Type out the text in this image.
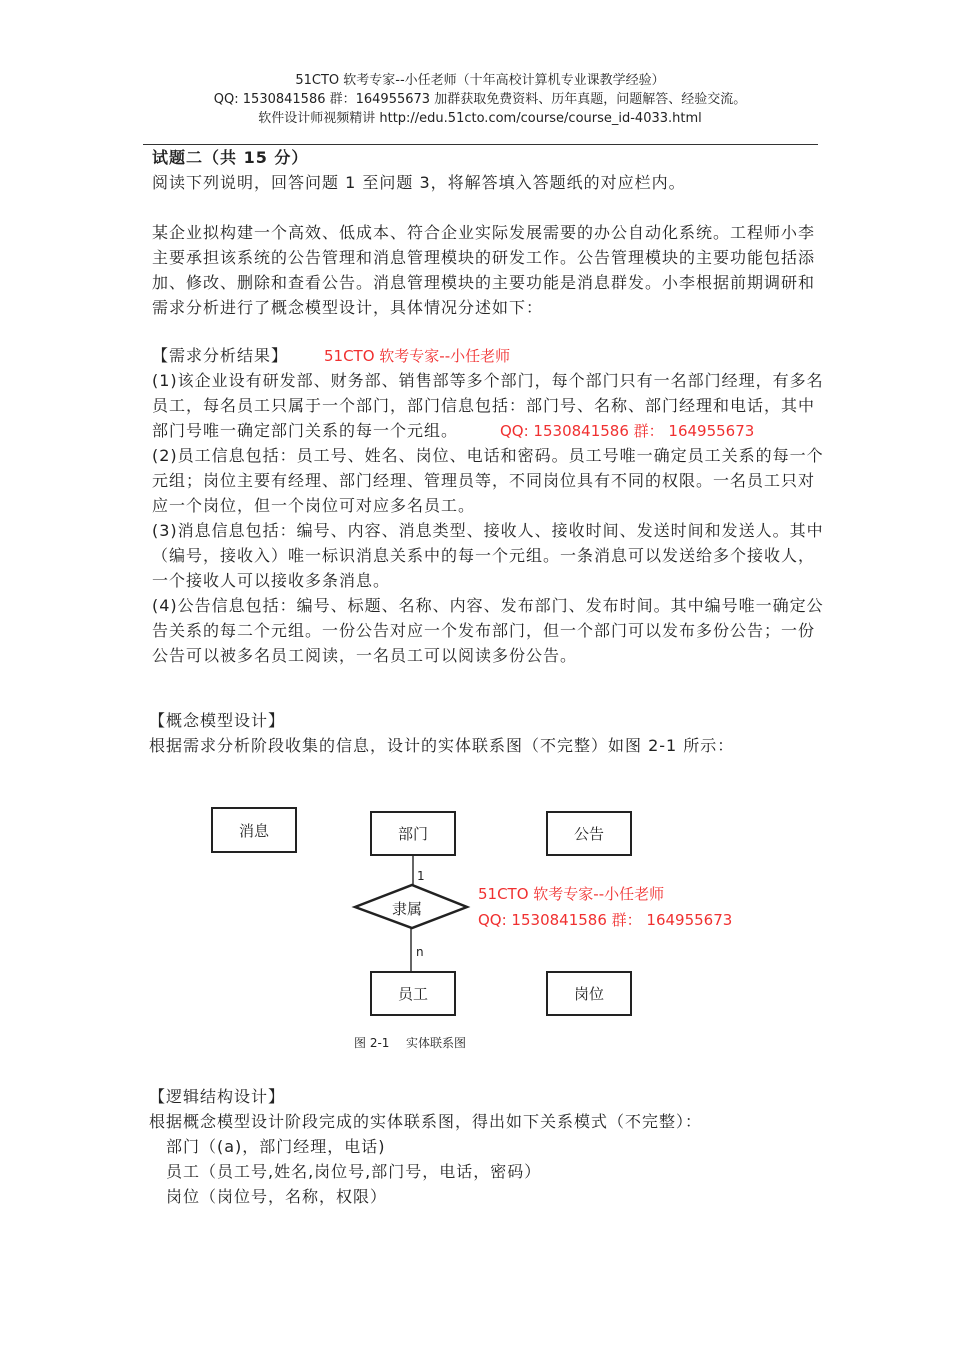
51CTO 软考专家--小任老师（十年高校计算机专业课教学经验）
QQ: 1530841586 群：164955673 加群获取免费资料、历年真题，问题解答、经验交流。
软件设计师视频精讲 http://edu.51cto.com/course/course_id-4033.html
试题二（共 15 分）
阅读下列说明，回答问题 1 至问题 3，将解答填入答题纸的对应栏内。
某企业拟构建一个高效、低成本、符合企业实际发展需要的办公自动化系统。工程师小李
主要承担该系统的公告管理和消息管理模块的研发工作。公告管理模块的主要功能包括添
加、修改、删除和查看公告。消息管理模块的主要功能是消息群发。小李根据前期调研和
需求分析进行了概念模型设计，具体情况分述如下：
【需求分析结果】
(1)该企业设有研发部、财务部、销售部等多个部门，每个部门只有一名部门经理，有多名
员工，每名员工只属于一个部门，部门信息包括：部门号、名称、部门经理和电话，其中
部门号唯一确定部门关系的每一个元组。
(2)员工信息包括：员工号、姓名、岗位、电话和密码。员工号唯一确定员工关系的每一个
元组；岗位主要有经理、部门经理、管理员等，不同岗位具有不同的权限。一名员工只对
应一个岗位，但一个岗位可对应多名员工。
(3)消息信息包括：编号、内容、消息类型、接收人、接收时间、发送时间和发送人。其中
（编号，接收入）唯一标识消息关系中的每一个元组。一条消息可以发送给多个接收人，
一个接收人可以接收多条消息。
(4)公告信息包括：编号、标题、名称、内容、发布部门、发布时间。其中编号唯一确定公
告关系的每二个元组。一份公告对应一个发布部门，但一个部门可以发布多份公告；一份
公告可以被多名员工阅读，一名员工可以阅读多份公告。
51CTO 软考专家--小任老师
QQ: 1530841586 群： 164955673
【概念模型设计】
根据需求分析阶段收集的信息，设计的实体联系图（不完整）如图 2-1 所示：
消息	部门	公告
员工	岗位
隶属
1
n
图 2-1 实体联系图
51CTO 软考专家--小任老师
QQ: 1530841586 群： 164955673
【逻辑结构设计】
根据概念模型设计阶段完成的实体联系图，得出如下关系模式（不完整）：
部门（(a)，部门经理，电话)
员工（员工号,姓名,岗位号,部门号，电话，密码）
岗位（岗位号，名称，权限）
